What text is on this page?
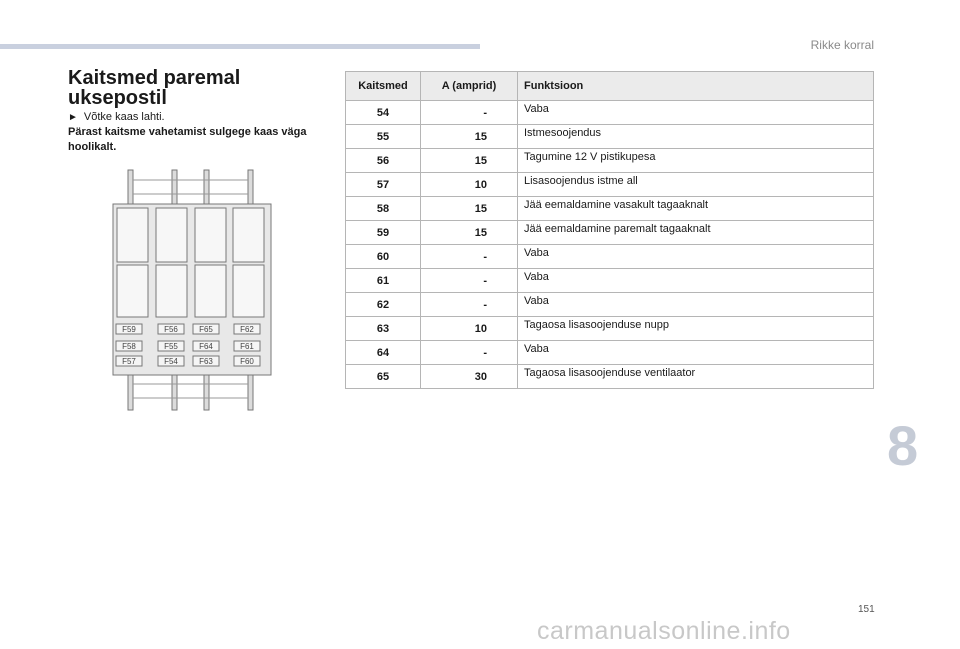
Rikke korral
Kaitsmed paremal uksepostil
► Võtke kaas lahti.
Pärast kaitsme vahetamist sulgege kaas väga hoolikalt.
F59	F56	F65	F62
F58	F55	F64	F61
F57	F54	F63	F60
Kaitsmed	A (amprid)	Funktsioon
54	-	Vaba
55	15	Istmesoojendus
56	15	Tagumine 12 V pistikupesa
57	10	Lisasoojendus istme all
58	15	Jää eemaldamine vasakult tagaaknalt
59	15	Jää eemaldamine paremalt tagaaknalt
60	-	Vaba
61	-	Vaba
62	-	Vaba
63	10	Tagaosa lisasoojenduse nupp
64	-	Vaba
65	30	Tagaosa lisasoojenduse ventilaator
8
151
carmanualsonline.info
